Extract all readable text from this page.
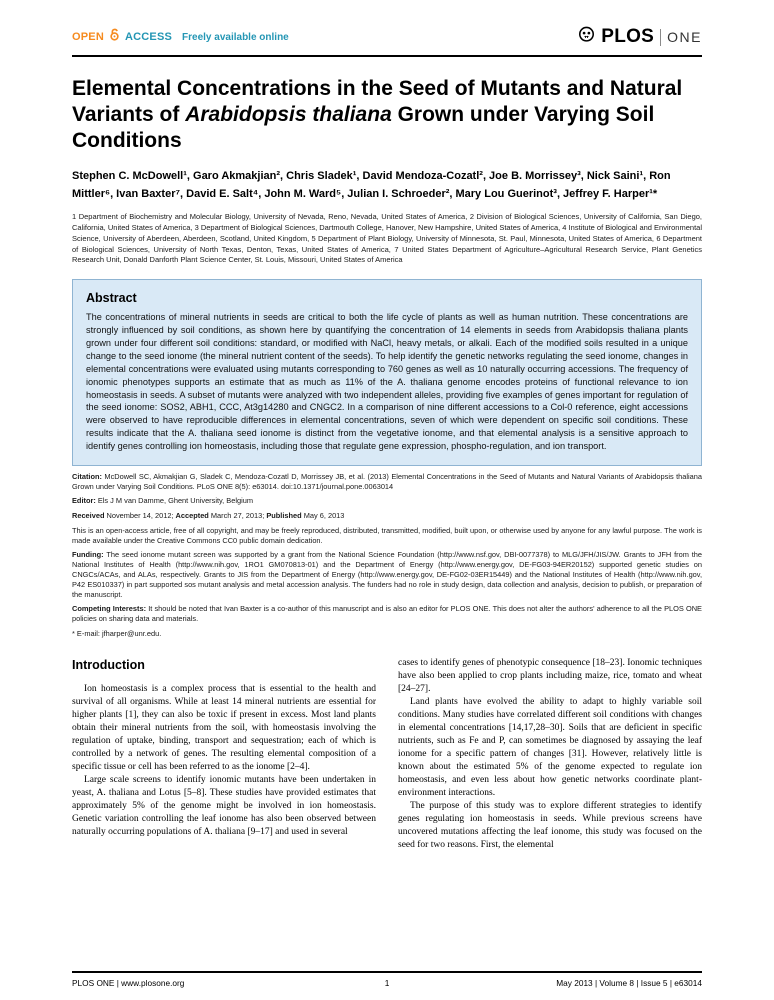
OPEN ACCESS Freely available online	PLOS ONE
Elemental Concentrations in the Seed of Mutants and Natural Variants of Arabidopsis thaliana Grown under Varying Soil Conditions

Stephen C. McDowell¹, Garo Akmakjian², Chris Sladek¹, David Mendoza-Cozatl², Joe B. Morrissey³, Nick Saini¹, Ron Mittler⁶, Ivan Baxter⁷, David E. Salt⁴, John M. Ward⁵, Julian I. Schroeder², Mary Lou Guerinot³, Jeffrey F. Harper¹*

1 Department of Biochemistry and Molecular Biology, University of Nevada, Reno, Nevada, United States of America, 2 Division of Biological Sciences, University of California, San Diego, California, United States of America, 3 Department of Biological Sciences, Dartmouth College, Hanover, New Hampshire, United States of America, 4 Institute of Biological and Environmental Science, University of Aberdeen, Aberdeen, Scotland, United Kingdom, 5 Department of Plant Biology, University of Minnesota, St. Paul, Minnesota, United States of America, 6 Department of Biological Sciences, University of North Texas, Denton, Texas, United States of America, 7 United States Department of Agriculture–Agricultural Research Service, Plant Genetics Research Unit, Donald Danforth Plant Science Center, St. Louis, Missouri, United States of America

Abstract

The concentrations of mineral nutrients in seeds are critical to both the life cycle of plants as well as human nutrition. These concentrations are strongly influenced by soil conditions, as shown here by quantifying the concentration of 14 elements in seeds from Arabidopsis thaliana plants grown under four different soil conditions: standard, or modified with NaCl, heavy metals, or alkali. Each of the modified soils resulted in a unique change to the seed ionome (the mineral nutrient content of the seeds). To help identify the genetic networks regulating the seed ionome, changes in elemental concentrations were evaluated using mutants corresponding to 760 genes as well as 10 naturally occurring accessions. The frequency of ionomic phenotypes supports an estimate that as much as 11% of the A. thaliana genome encodes proteins of functional relevance to ion homeostasis in seeds. A subset of mutants were analyzed with two independent alleles, providing five examples of genes important for regulation of the seed ionome: SOS2, ABH1, CCC, At3g14280 and CNGC2. In a comparison of nine different accessions to a Col-0 reference, eight accessions were observed to have reproducible differences in elemental concentrations, seven of which were dependent on specific soil conditions. These results indicate that the A. thaliana seed ionome is distinct from the vegetative ionome, and that elemental analysis is a sensitive approach to identify genes controlling ion homeostasis, including those that regulate gene expression, phospho-regulation, and ion transport.

Citation: McDowell SC, Akmakjian G, Sladek C, Mendoza-Cozatl D, Morrissey JB, et al. (2013) Elemental Concentrations in the Seed of Mutants and Natural Variants of Arabidopsis thaliana Grown under Varying Soil Conditions. PLoS ONE 8(5): e63014. doi:10.1371/journal.pone.0063014

Editor: Els J M van Damme, Ghent University, Belgium

Received November 14, 2012; Accepted March 27, 2013; Published May 6, 2013

This is an open-access article, free of all copyright, and may be freely reproduced, distributed, transmitted, modified, built upon, or otherwise used by anyone for any lawful purpose. The work is made available under the Creative Commons CC0 public domain dedication.

Funding: The seed ionome mutant screen was supported by a grant from the National Science Foundation (http://www.nsf.gov, DBI-0077378) to MLG/JFH/JIS/JW. Grants to JFH from the National Institutes of Health (http://www.nih.gov, 1RO1 GM070813-01) and the Department of Energy (http://www.energy.gov, DE-FG03-94ER20152) supported genetic studies on CNGCs/ACAs, and ALAs, respectively. Grants to JIS from the Department of Energy (http://www.energy.gov, DE-FG02-03ER15449) and the National Institutes of Health (http://www.nih.gov, P42 ES010337) in part supported sos mutant analysis and metal accession analysis. The funders had no role in study design, data collection and analysis, decision to publish, or preparation of the manuscript.

Competing Interests: It should be noted that Ivan Baxter is a co-author of this manuscript and is also an editor for PLOS ONE. This does not alter the authors' adherence to all the PLOS ONE policies on sharing data and materials.

* E-mail: jfharper@unr.edu.

Introduction

Ion homeostasis is a complex process that is essential to the health and survival of all organisms. While at least 14 mineral nutrients are essential for higher plants [1], they can also be toxic if present in excess. Most land plants obtain their mineral nutrients from the soil, with homeostasis involving the regulation of uptake, binding, transport and sequestration; each of which is controlled by a network of genes. The resulting elemental composition of a specific tissue or cell has been referred to as the ionome [2–4].

Large scale screens to identify ionomic mutants have been undertaken in yeast, A. thaliana and Lotus [5–8]. These studies have provided estimates that approximately 5% of the genome might be involved in ion homeostasis. Genetic variation controlling the leaf ionome has also been observed between naturally occurring populations of A. thaliana [9–17] and used in several

cases to identify genes of phenotypic consequence [18–23]. Ionomic techniques have also been applied to crop plants including maize, rice, tomato and wheat [24–27].

Land plants have evolved the ability to adapt to highly variable soil conditions. Many studies have correlated different soil conditions with changes in elemental concentrations [14,17,28–30]. Soils that are deficient in specific nutrients, such as Fe and P, can sometimes be diagnosed by assaying the leaf ionome for a specific pattern of changes [31]. However, relatively little is known about the estimated 5% of the genome expected to regulate ion homeostasis, and even less about how genetic networks coordinate plant-environment interactions.

The purpose of this study was to explore different strategies to identify genes regulating ion homeostasis in seeds. While previous screens have uncovered mutations affecting the leaf ionome, this study was focused on the seed for two reasons. First, the elemental

PLOS ONE | www.plosone.org	1	May 2013 | Volume 8 | Issue 5 | e63014
